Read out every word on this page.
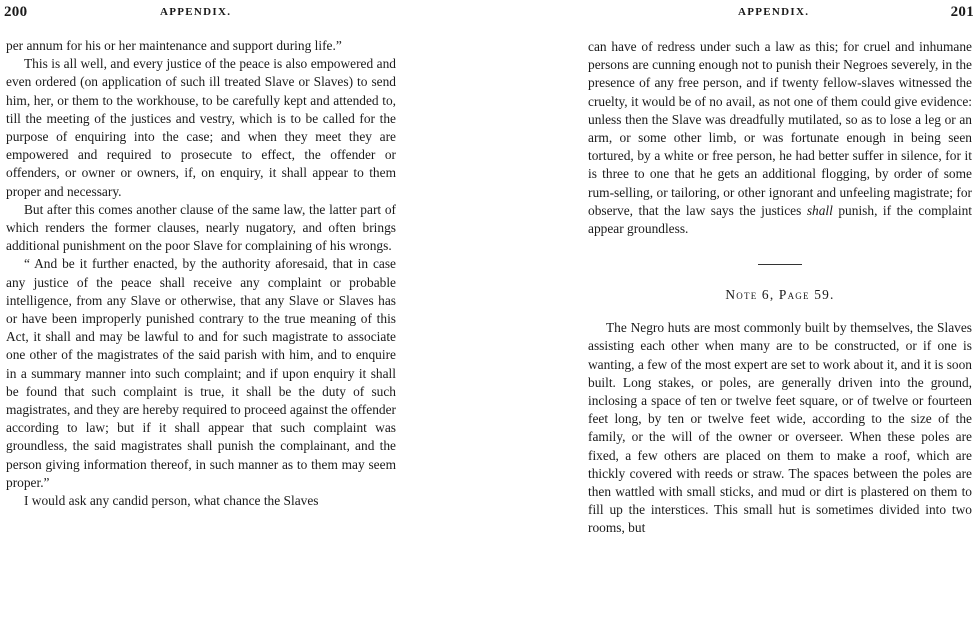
200	APPENDIX.

per annum for his or her maintenance and support during life.”

This is all well, and every justice of the peace is also empowered and even ordered (on application of such ill treated Slave or Slaves) to send him, her, or them to the workhouse, to be carefully kept and attended to, till the meeting of the justices and vestry, which is to be called for the purpose of enquiring into the case; and when they meet they are empowered and required to prosecute to effect, the offender or offenders, or owner or owners, if, on enquiry, it shall appear to them proper and necessary.

But after this comes another clause of the same law, the latter part of which renders the former clauses, nearly nugatory, and often brings additional punishment on the poor Slave for complaining of his wrongs.

“ And be it further enacted, by the authority aforesaid, that in case any justice of the peace shall receive any complaint or probable intelligence, from any Slave or otherwise, that any Slave or Slaves has or have been improperly punished contrary to the true meaning of this Act, it shall and may be lawful to and for such magistrate to associate one other of the magistrates of the said parish with him, and to enquire in a summary manner into such complaint; and if upon enquiry it shall be found that such complaint is true, it shall be the duty of such magistrates, and they are hereby required to proceed against the offender according to law; but if it shall appear that such complaint was groundless, the said magistrates shall punish the complainant, and the person giving information thereof, in such manner as to them may seem proper.”

I would ask any candid person, what chance the Slaves

APPENDIX.	201

can have of redress under such a law as this; for cruel and inhumane persons are cunning enough not to punish their Negroes severely, in the presence of any free person, and if twenty fellow-slaves witnessed the cruelty, it would be of no avail, as not one of them could give evidence: unless then the Slave was dreadfully mutilated, so as to lose a leg or an arm, or some other limb, or was fortunate enough in being seen tortured, by a white or free person, he had better suffer in silence, for it is three to one that he gets an additional flogging, by order of some rum-selling, or tailoring, or other ignorant and unfeeling magistrate; for observe, that the law says the justices shall punish, if the complaint appear groundless.

Note 6, Page 59.

The Negro huts are most commonly built by themselves, the Slaves assisting each other when many are to be constructed, or if one is wanting, a few of the most expert are set to work about it, and it is soon built. Long stakes, or poles, are generally driven into the ground, inclosing a space of ten or twelve feet square, or of twelve or fourteen feet long, by ten or twelve feet wide, according to the size of the family, or the will of the owner or overseer. When these poles are fixed, a few others are placed on them to make a roof, which are thickly covered with reeds or straw. The spaces between the poles are then wattled with small sticks, and mud or dirt is plastered on them to fill up the interstices. This small hut is sometimes divided into two rooms, but
